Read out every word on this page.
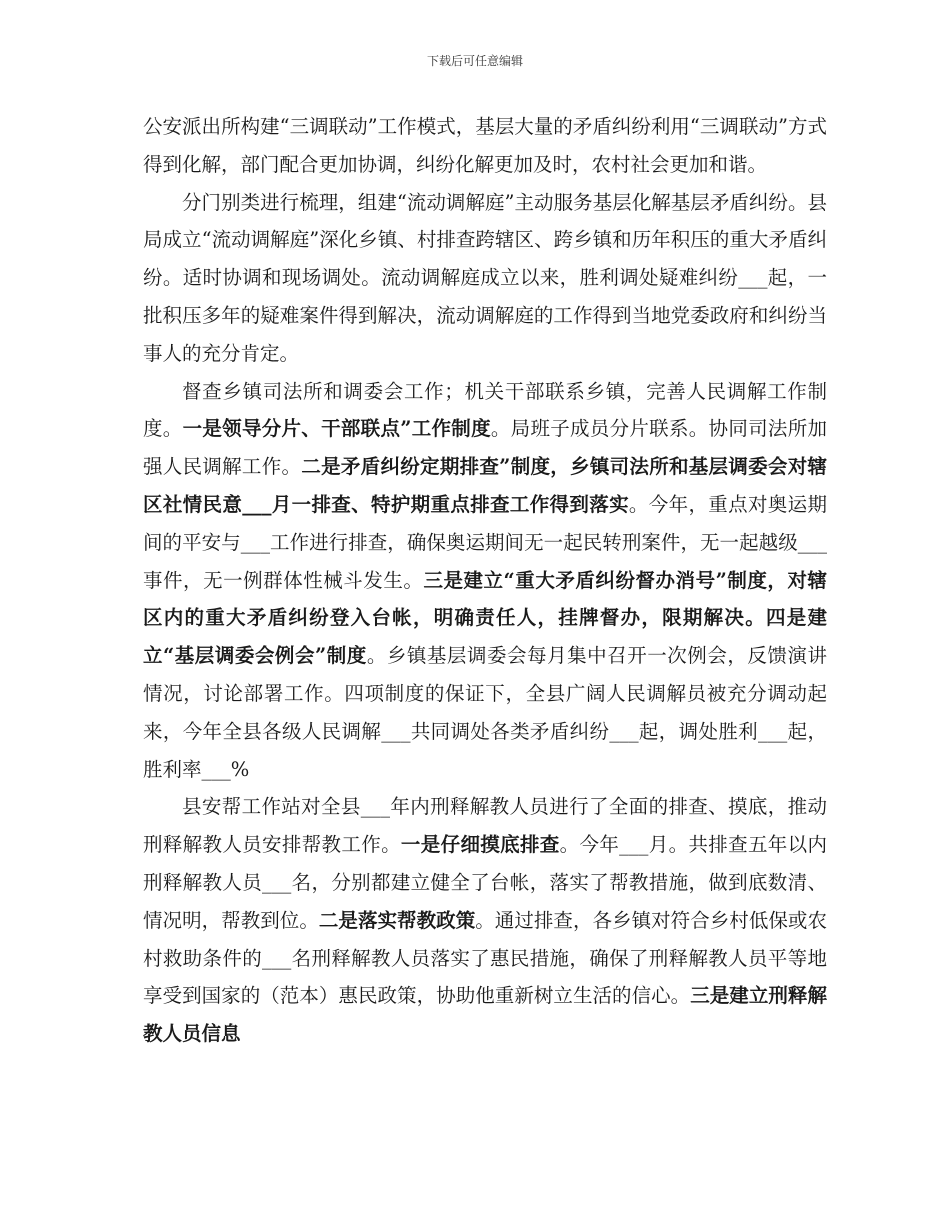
下载后可任意编辑

公安派出所构建“三调联动”工作模式，基层大量的矛盾纠纷利用“三调联动”方式得到化解，部门配合更加协调，纠纷化解更加及时，农村社会更加和谐。

分门别类进行梳理，组建“流动调解庭”主动服务基层化解基层矛盾纠纷。县局成立“流动调解庭”深化乡镇、村排查跨辖区、跨乡镇和历年积压的重大矛盾纠纷。适时协调和现场调处。流动调解庭成立以来，胜利调处疑难纠纷___起，一批积压多年的疑难案件得到解决，流动调解庭的工作得到当地党委政府和纠纷当事人的充分肯定。

督查乡镇司法所和调委会工作；机关干部联系乡镇，完善人民调解工作制度。一是领导分片、干部联点”工作制度。局班子成员分片联系。协同司法所加强人民调解工作。二是矛盾纠纷定期排查”制度，乡镇司法所和基层调委会对辖区社情民意___月一排查、特护期重点排查工作得到落实。今年，重点对奥运期间的平安与___工作进行排查，确保奥运期间无一起民转刑案件，无一起越级___事件，无一例群体性械斗发生。三是建立“重大矛盾纠纷督办消号”制度，对辖区内的重大矛盾纠纷登入台帐，明确责任人，挂牌督办，限期解决。四是建立“基层调委会例会”制度。乡镇基层调委会每月集中召开一次例会，反馈演讲情况，讨论部署工作。四项制度的保证下，全县广阔人民调解员被充分调动起来，今年全县各级人民调解___共同调处各类矛盾纠纷___起，调处胜利___起，胜利率___%

县安帮工作站对全县___年内刑释解教人员进行了全面的排查、摸底，推动刑释解教人员安排帮教工作。一是仔细摸底排查。今年___月。共排查五年以内刑释解教人员___名，分别都建立健全了台帐，落实了帮教措施，做到底数清、情况明，帮教到位。二是落实帮教政策。通过排查，各乡镇对符合乡村低保或农村救助条件的___名刑释解教人员落实了惠民措施，确保了刑释解教人员平等地享受到国家的（范本）惠民政策，协助他重新树立生活的信心。三是建立刑释解教人员信息
